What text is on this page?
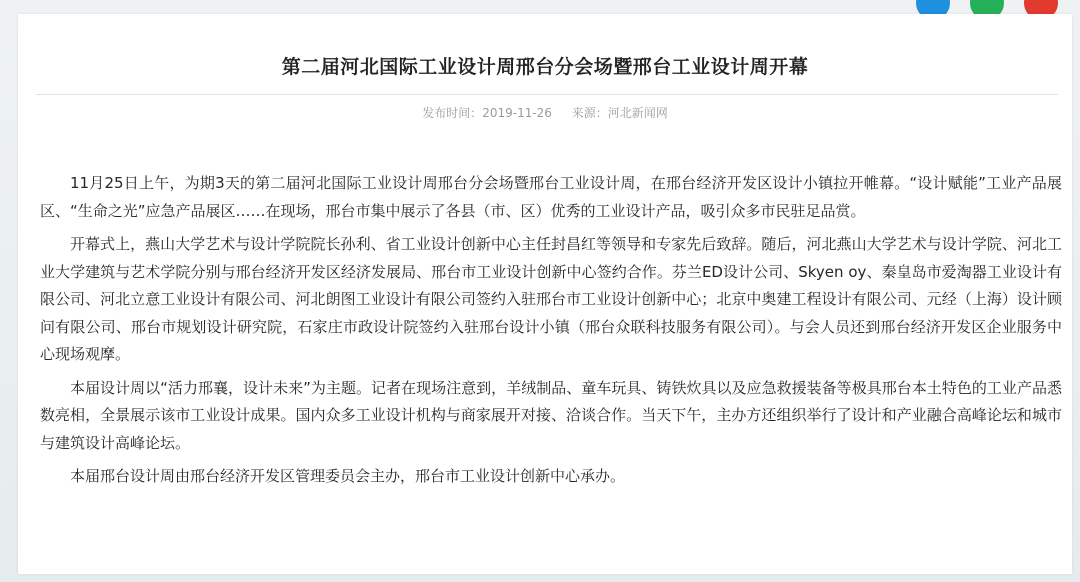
第二届河北国际工业设计周邢台分会场暨邢台工业设计周开幕
发布时间：2019-11-26 来源：河北新闻网

11月25日上午，为期3天的第二届河北国际工业设计周邢台分会场暨邢台工业设计周，在邢台经济开发区设计小镇拉开帷幕。“设计赋能”工业产品展区、“生命之光”应急产品展区……在现场，邢台市集中展示了各县（市、区）优秀的工业设计产品，吸引众多市民驻足品赏。

开幕式上，燕山大学艺术与设计学院院长孙利、省工业设计创新中心主任封昌红等领导和专家先后致辞。随后，河北燕山大学艺术与设计学院、河北工业大学建筑与艺术学院分别与邢台经济开发区经济发展局、邢台市工业设计创新中心签约合作。芬兰ED设计公司、Skyen oy、秦皇岛市爱淘器工业设计有限公司、河北立意工业设计有限公司、河北朗图工业设计有限公司签约入驻邢台市工业设计创新中心；北京中奥建工程设计有限公司、元经（上海）设计顾问有限公司、邢台市规划设计研究院，石家庄市政设计院签约入驻邢台设计小镇（邢台众联科技服务有限公司）。与会人员还到邢台经济开发区企业服务中心现场观摩。

本届设计周以“活力邢襄，设计未来”为主题。记者在现场注意到，羊绒制品、童车玩具、铸铁炊具以及应急救援装备等极具邢台本土特色的工业产品悉数亮相，全景展示该市工业设计成果。国内众多工业设计机构与商家展开对接、洽谈合作。当天下午，主办方还组织举行了设计和产业融合高峰论坛和城市与建筑设计高峰论坛。

本届邢台设计周由邢台经济开发区管理委员会主办，邢台市工业设计创新中心承办。
